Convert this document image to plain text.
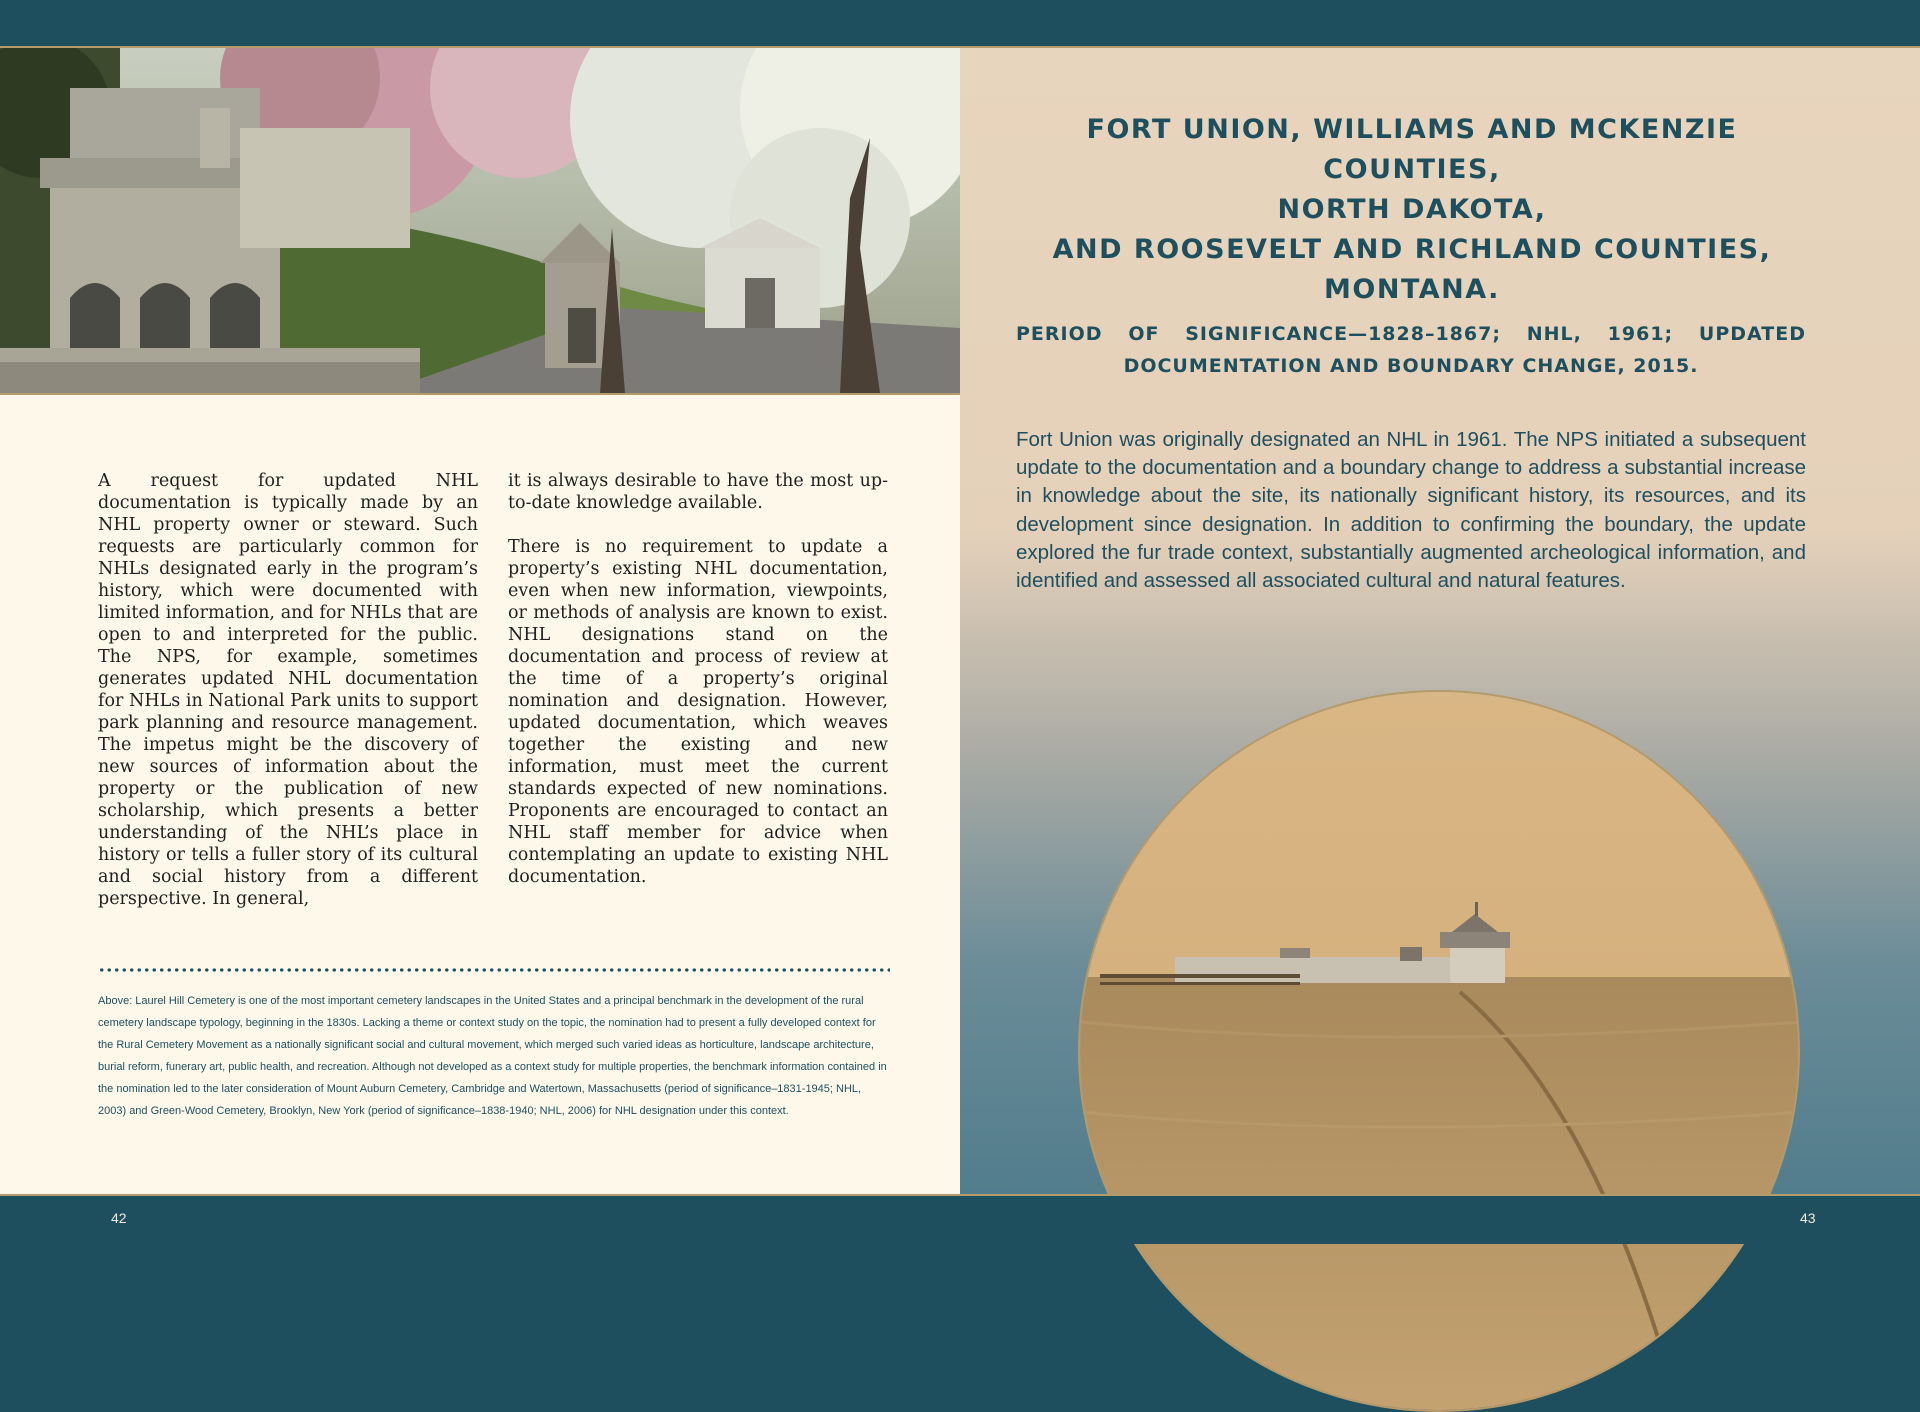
A request for updated NHL documentation is typically made by an NHL property owner or steward. Such requests are particularly common for NHLs designated early in the program’s history, which were documented with limited information, and for NHLs that are open to and interpreted for the public. The NPS, for example, sometimes generates updated NHL documentation for NHLs in National Park units to support park planning and resource management. The impetus might be the discovery of new sources of information about the property or the publication of new scholarship, which presents a better understanding of the NHL’s place in history or tells a fuller story of its cultural and social history from a different perspective. In general,

it is always desirable to have the most up-to-date knowledge available.

There is no requirement to update a property’s existing NHL documentation, even when new information, viewpoints, or methods of analysis are known to exist. NHL designations stand on the documentation and process of review at the time of a property’s original nomination and designation. However, updated documentation, which weaves together the existing and new information, must meet the current standards expected of new nominations. Proponents are encouraged to contact an NHL staff member for advice when contemplating an update to existing NHL documentation.

Above: Laurel Hill Cemetery is one of the most important cemetery landscapes in the United States and a principal benchmark in the development of the rural cemetery landscape typology, beginning in the 1830s. Lacking a theme or context study on the topic, the nomination had to present a fully developed context for the Rural Cemetery Movement as a nationally significant social and cultural movement, which merged such varied ideas as horticulture, landscape architecture, burial reform, funerary art, public health, and recreation. Although not developed as a context study for multiple properties, the benchmark information contained in the nomination led to the later consideration of Mount Auburn Cemetery, Cambridge and Watertown, Massachusetts (period of significance–1831-1945; NHL, 2003) and Green-Wood Cemetery, Brooklyn, New York (period of significance–1838-1940; NHL, 2006) for NHL designation under this context.
FORT UNION, WILLIAMS AND MCKENZIE COUNTIES,
NORTH DAKOTA,
AND ROOSEVELT AND RICHLAND COUNTIES,
MONTANA.
PERIOD OF SIGNIFICANCE—1828–1867; NHL, 1961; UPDATED DOCUMENTATION AND BOUNDARY CHANGE, 2015.
Fort Union was originally designated an NHL in 1961. The NPS initiated a subsequent update to the documentation and a boundary change to address a substantial increase in knowledge about the site, its nationally significant history, its resources, and its development since designation. In addition to confirming the boundary, the update explored the fur trade context, substantially augmented archeological information, and identified and assessed all associated cultural and natural features.
42	43
